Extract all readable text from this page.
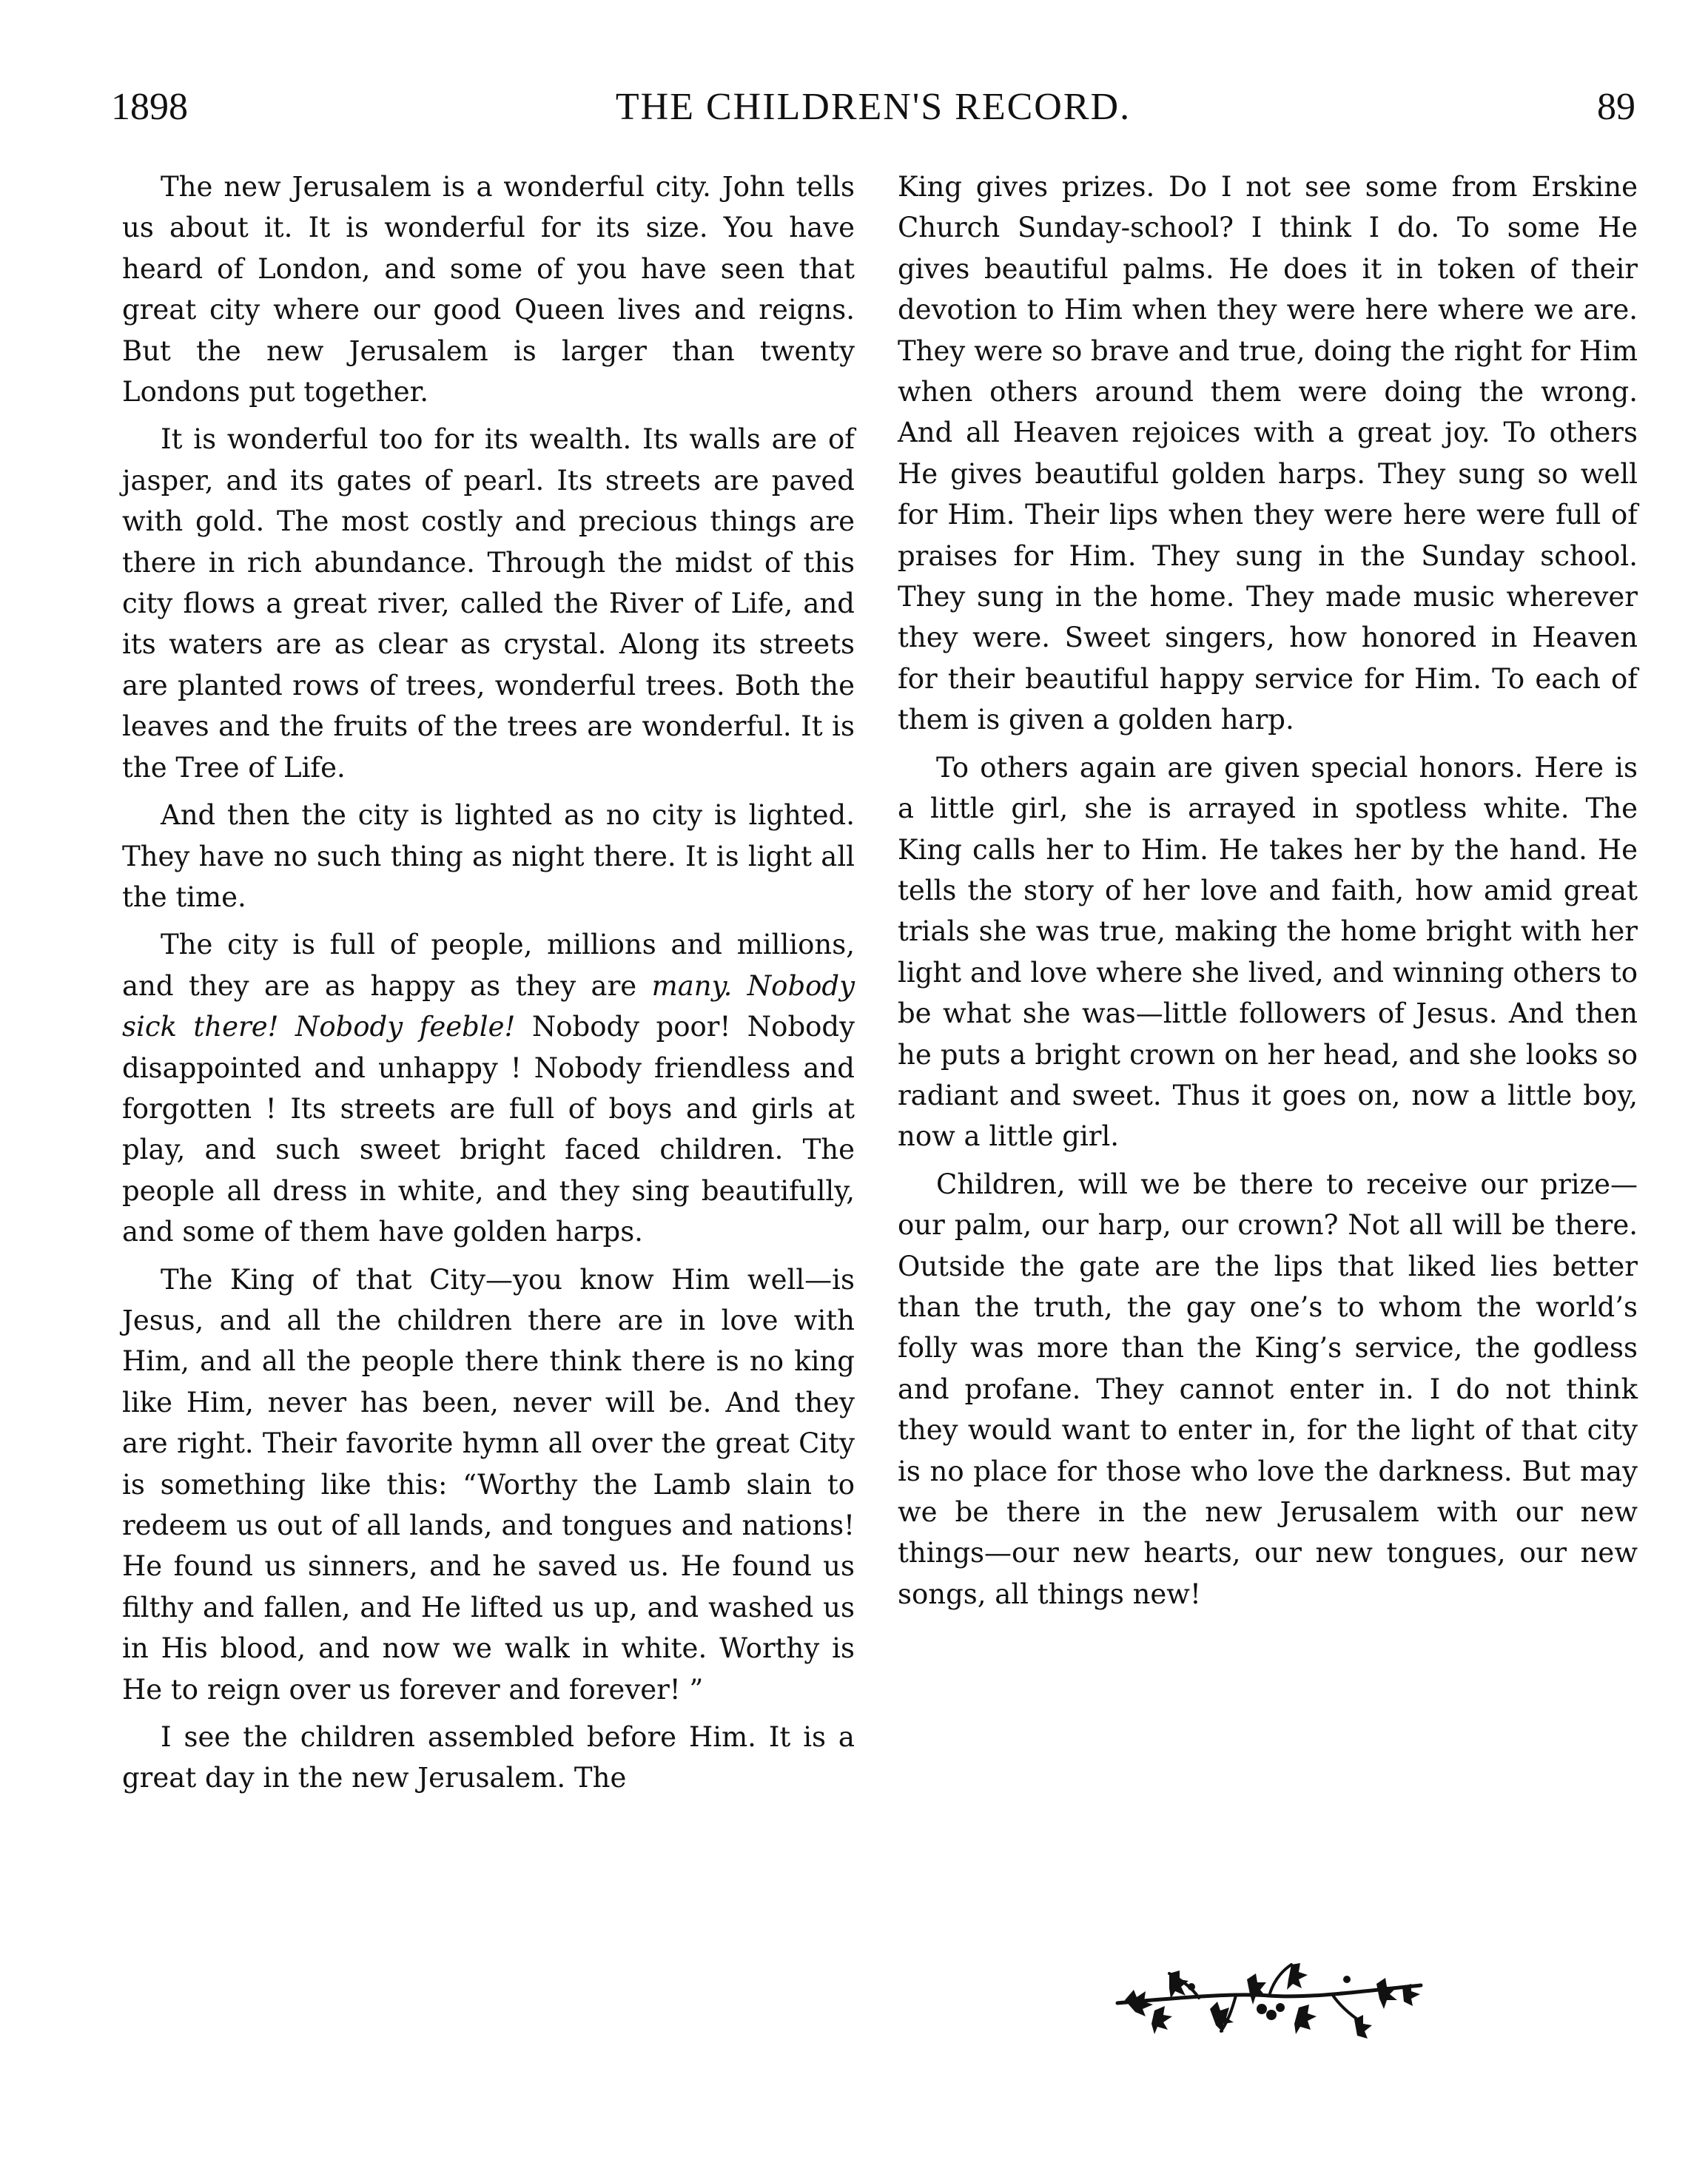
1898	THE CHILDREN'S RECORD.	89

The new Jerusalem is a wonderful city. John tells us about it. It is wonderful for its size. You have heard of London, and some of you have seen that great city where our good Queen lives and reigns. But the new Jerusalem is larger than twenty Londons put together.

It is wonderful too for its wealth. Its walls are of jasper, and its gates of pearl. Its streets are paved with gold. The most costly and precious things are there in rich abundance. Through the midst of this city flows a great river, called the River of Life, and its waters are as clear as crystal. Along its streets are planted rows of trees, wonderful trees. Both the leaves and the fruits of the trees are wonderful. It is the Tree of Life.

And then the city is lighted as no city is lighted. They have no such thing as night there. It is light all the time.

The city is full of people, millions and millions, and they are as happy as they are many. Nobody sick there! Nobody feeble! Nobody poor! Nobody disappointed and unhappy ! Nobody friendless and forgotten ! Its streets are full of boys and girls at play, and such sweet bright faced children. The people all dress in white, and they sing beautifully, and some of them have golden harps.

The King of that City—you know Him well—is Jesus, and all the children there are in love with Him, and all the people there think there is no king like Him, never has been, never will be. And they are right. Their favorite hymn all over the great City is something like this: “Worthy the Lamb slain to redeem us out of all lands, and tongues and nations! He found us sinners, and he saved us. He found us filthy and fallen, and He lifted us up, and washed us in His blood, and now we walk in white. Worthy is He to reign over us forever and forever! ”

I see the children assembled before Him. It is a great day in the new Jerusalem. The

King gives prizes. Do I not see some from Erskine Church Sunday-school? I think I do. To some He gives beautiful palms. He does it in token of their devotion to Him when they were here where we are. They were so brave and true, doing the right for Him when others around them were doing the wrong. And all Heaven rejoices with a great joy. To others He gives beautiful golden harps. They sung so well for Him. Their lips when they were here were full of praises for Him. They sung in the Sunday school. They sung in the home. They made music wherever they were. Sweet singers, how honored in Heaven for their beautiful happy service for Him. To each of them is given a golden harp.

To others again are given special honors. Here is a little girl, she is arrayed in spotless white. The King calls her to Him. He takes her by the hand. He tells the story of her love and faith, how amid great trials she was true, making the home bright with her light and love where she lived, and winning others to be what she was—little followers of Jesus. And then he puts a bright crown on her head, and she looks so radiant and sweet. Thus it goes on, now a little boy, now a little girl.

Children, will we be there to receive our prize—our palm, our harp, our crown? Not all will be there. Outside the gate are the lips that liked lies better than the truth, the gay one’s to whom the world’s folly was more than the King’s service, the godless and profane. They cannot enter in. I do not think they would want to enter in, for the light of that city is no place for those who love the darkness. But may we be there in the new Jerusalem with our new things—our new hearts, our new tongues, our new songs, all things new!
